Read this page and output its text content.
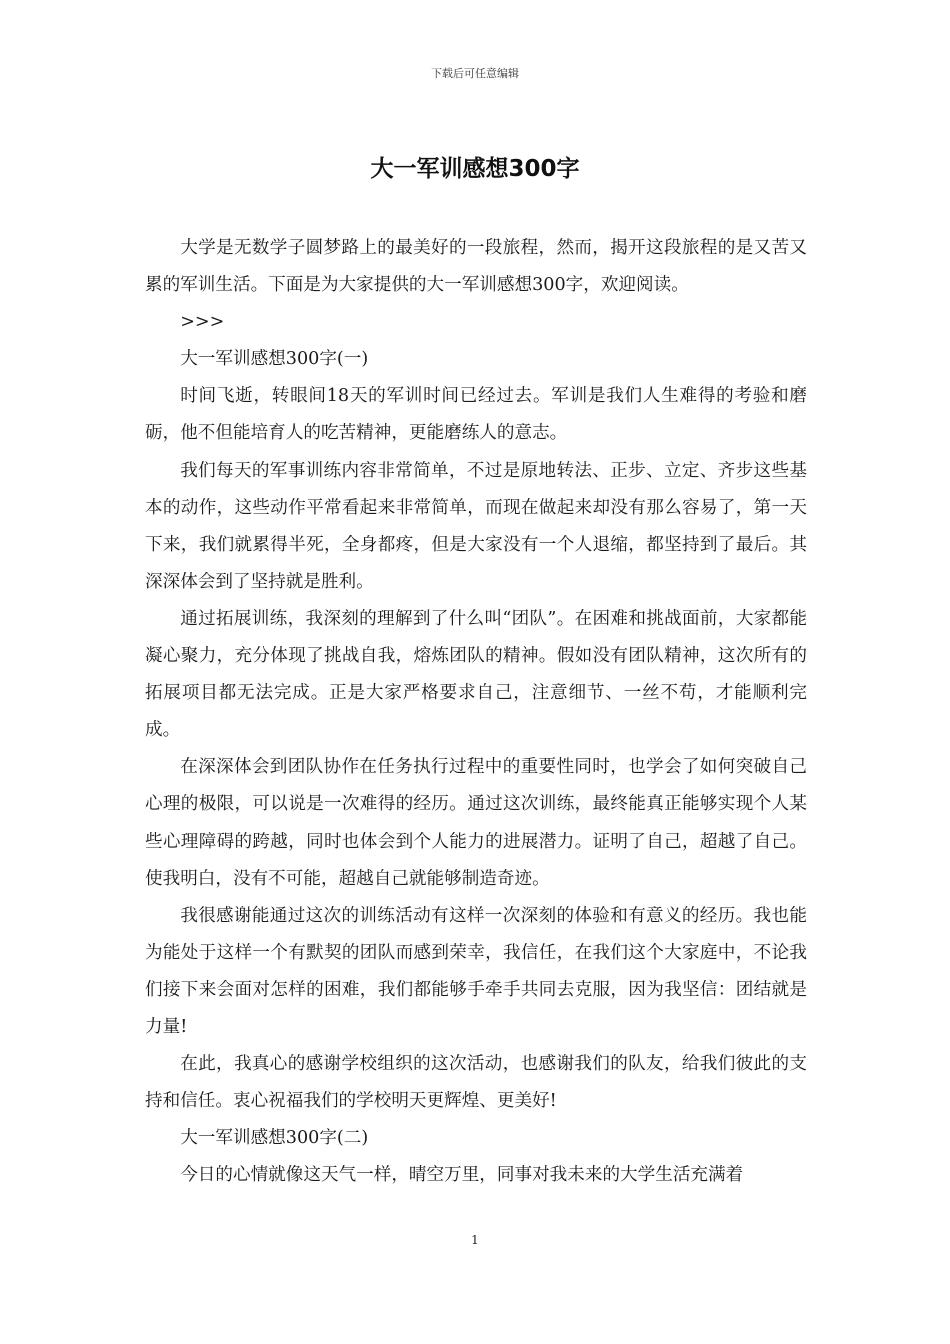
下载后可任意编辑
大一军训感想300字

大学是无数学子圆梦路上的最美好的一段旅程，然而，揭开这段旅程的是又苦又累的军训生活。下面是为大家提供的大一军训感想300字，欢迎阅读。

>>>

大一军训感想300字(一)

时间飞逝，转眼间18天的军训时间已经过去。军训是我们人生难得的考验和磨砺，他不但能培育人的吃苦精神，更能磨练人的意志。

我们每天的军事训练内容非常简单，不过是原地转法、正步、立定、齐步这些基本的动作，这些动作平常看起来非常简单，而现在做起来却没有那么容易了，第一天下来，我们就累得半死，全身都疼，但是大家没有一个人退缩，都坚持到了最后。其深深体会到了坚持就是胜利。

通过拓展训练，我深刻的理解到了什么叫“团队”。在困难和挑战面前，大家都能凝心聚力，充分体现了挑战自我，熔炼团队的精神。假如没有团队精神，这次所有的拓展项目都无法完成。正是大家严格要求自己，注意细节、一丝不苟，才能顺利完成。

在深深体会到团队协作在任务执行过程中的重要性同时，也学会了如何突破自己心理的极限，可以说是一次难得的经历。通过这次训练，最终能真正能够实现个人某些心理障碍的跨越，同时也体会到个人能力的进展潜力。证明了自己，超越了自己。使我明白，没有不可能，超越自己就能够制造奇迹。

我很感谢能通过这次的训练活动有这样一次深刻的体验和有意义的经历。我也能为能处于这样一个有默契的团队而感到荣幸，我信任，在我们这个大家庭中，不论我们接下来会面对怎样的困难，我们都能够手牵手共同去克服，因为我坚信：团结就是力量!

在此，我真心的感谢学校组织的这次活动，也感谢我们的队友，给我们彼此的支持和信任。衷心祝福我们的学校明天更辉煌、更美好!

大一军训感想300字(二)

今日的心情就像这天气一样，晴空万里，同事对我未来的大学生活充满着

1
